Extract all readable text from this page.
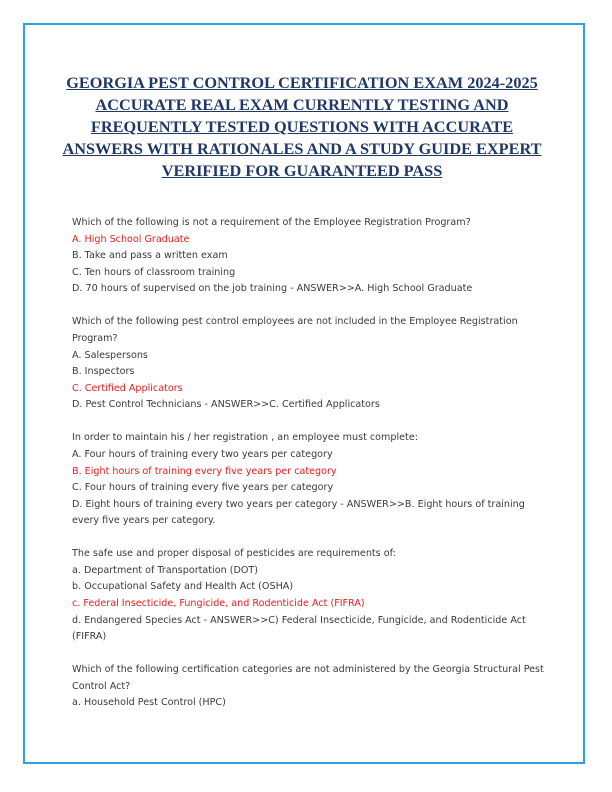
GEORGIA PEST CONTROL CERTIFICATION EXAM 2024-2025 ACCURATE REAL EXAM CURRENTLY TESTING AND FREQUENTLY TESTED QUESTIONS WITH ACCURATE ANSWERS WITH RATIONALES AND A STUDY GUIDE EXPERT VERIFIED FOR GUARANTEED PASS
Which of the following is not a requirement of the Employee Registration Program?
A. High School Graduate
B. Take and pass a written exam
C. Ten hours of classroom training
D. 70 hours of supervised on the job training - ANSWER>>A. High School Graduate
Which of the following pest control employees are not included in the Employee Registration Program?
A. Salespersons
B. Inspectors
C. Certified Applicators
D. Pest Control Technicians - ANSWER>>C. Certified Applicators
In order to maintain his / her registration , an employee must complete:
A. Four hours of training every two years per category
B. Eight hours of training every five years per category
C. Four hours of training every five years per category
D. Eight hours of training every two years per category - ANSWER>>B. Eight hours of training every five years per category.
The safe use and proper disposal of pesticides are requirements of:
a. Department of Transportation (DOT)
b. Occupational Safety and Health Act (OSHA)
c. Federal Insecticide, Fungicide, and Rodenticide Act (FIFRA)
d. Endangered Species Act - ANSWER>>C) Federal Insecticide, Fungicide, and Rodenticide Act (FIFRA)
Which of the following certification categories are not administered by the Georgia Structural Pest Control Act?
a. Household Pest Control (HPC)
